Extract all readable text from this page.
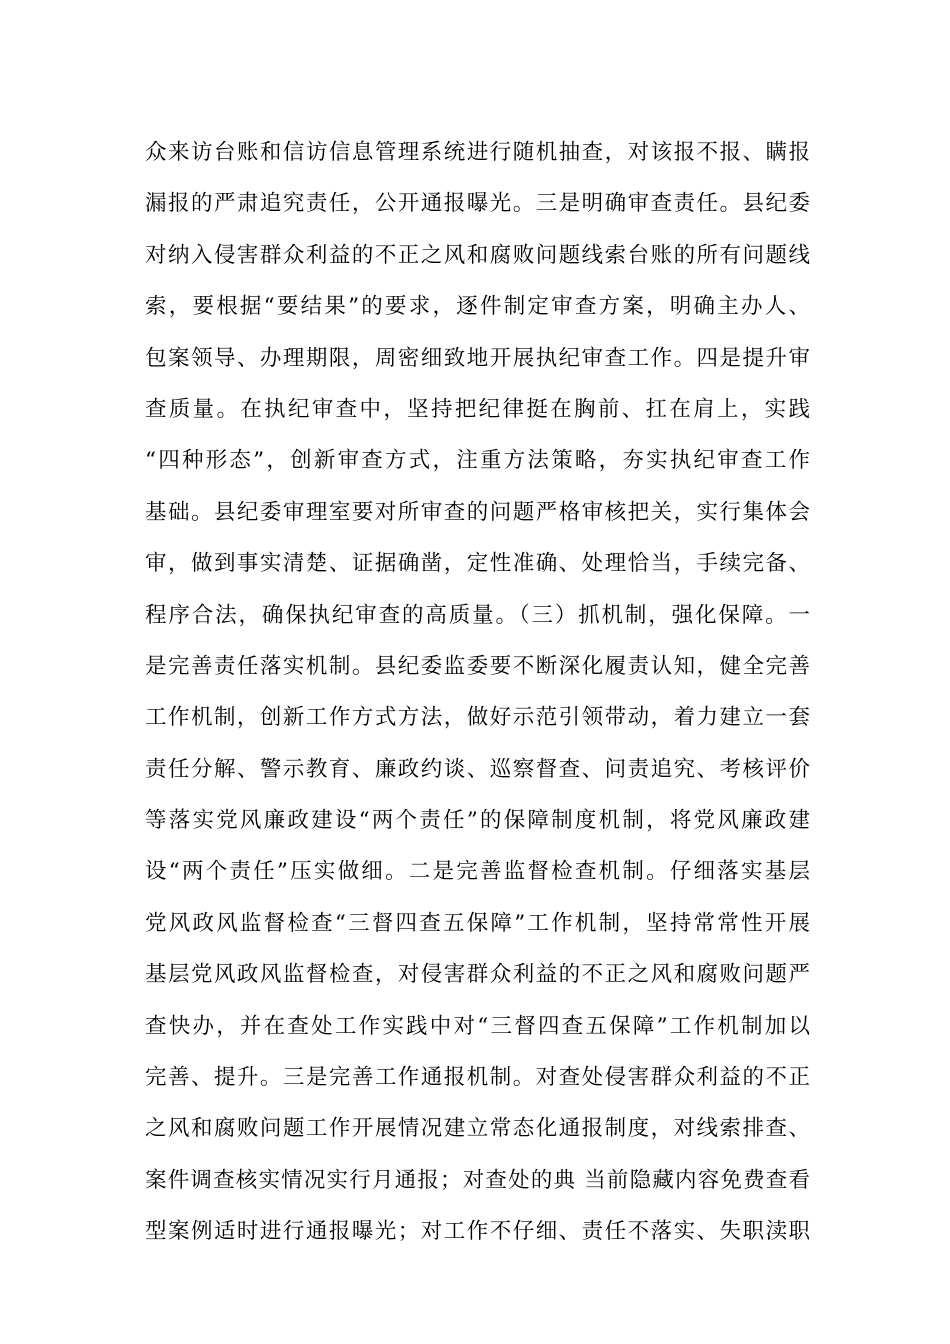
众来访台账和信访信息管理系统进行随机抽查，对该报不报、瞒报
漏报的严肃追究责任，公开通报曝光。三是明确审查责任。县纪委
对纳入侵害群众利益的不正之风和腐败问题线索台账的所有问题线
索，要根据“要结果”的要求，逐件制定审查方案，明确主办人、
包案领导、办理期限，周密细致地开展执纪审查工作。四是提升审
查质量。在执纪审查中，坚持把纪律挺在胸前、扛在肩上，实践
“四种形态”，创新审查方式，注重方法策略，夯实执纪审查工作
基础。县纪委审理室要对所审查的问题严格审核把关，实行集体会
审，做到事实清楚、证据确凿，定性准确、处理恰当，手续完备、
程序合法，确保执纪审查的高质量。（三）抓机制，强化保障。一
是完善责任落实机制。县纪委监委要不断深化履责认知，健全完善
工作机制，创新工作方式方法，做好示范引领带动，着力建立一套
责任分解、警示教育、廉政约谈、巡察督查、问责追究、考核评价
等落实党风廉政建设“两个责任”的保障制度机制，将党风廉政建
设“两个责任”压实做细。二是完善监督检查机制。仔细落实基层
党风政风监督检查“三督四查五保障”工作机制，坚持常常性开展
基层党风政风监督检查，对侵害群众利益的不正之风和腐败问题严
查快办，并在查处工作实践中对“三督四查五保障”工作机制加以
完善、提升。三是完善工作通报机制。对查处侵害群众利益的不正
之风和腐败问题工作开展情况建立常态化通报制度，对线索排查、
案件调查核实情况实行月通报；对查处的典 当前隐藏内容免费查看
型案例适时进行通报曝光；对工作不仔细、责任不落实、失职渎职
